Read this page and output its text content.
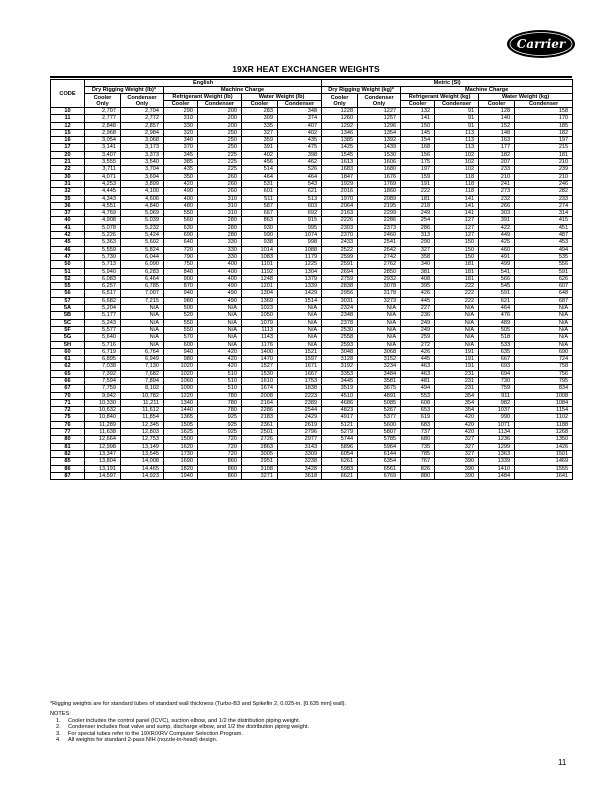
Carrier
19XR HEAT EXCHANGER WEIGHTS
CODE	English						Metric (SI)					
	Dry Rigging Weight (lb)*		Machine Charge				Dry Rigging Weight (kg)*		Machine Charge			
	Cooler Only	Condenser Only	Refrigerant Weight (lb)		Water Weight (lb)		Cooler Only	Condenser Only	Refrigerant Weight (kg)		Water Weight (kg)	
			Cooler	Condenser	Cooler	Condenser			Cooler	Condenser	Cooler	Condenser
10	2,707	2,704	290	200	283	348	1228	1227	132	91	128	158
11	2,777	2,772	310	200	309	374	1260	1257	141	91	140	170
12	2,848	2,857	330	200	335	407	1292	1296	150	91	152	185
15	2,968	2,984	320	250	327	402	1346	1354	145	113	148	182
16	3,054	3,068	340	250	359	435	1385	1392	154	113	163	197
17	3,141	3,173	370	250	391	475	1425	1439	168	113	177	215
20	3,407	3,373	345	225	402	398	1545	1530	156	102	182	181
21	3,555	3,540	385	225	456	462	1613	1606	175	102	207	210
22	3,711	3,704	435	225	514	526	1683	1680	197	102	233	239
30	4,071	3,694	350	260	464	464	1847	1676	159	118	210	210
31	4,253	3,899	420	260	531	543	1929	1769	191	118	241	246
32	4,445	4,100	490	260	601	621	2016	1860	222	118	273	282
35	4,343	4,606	400	310	511	513	1970	2089	181	141	232	233
36	4,551	4,840	480	310	587	603	2064	2195	218	141	266	274
37	4,769	5,069	550	310	667	692	2163	2299	249	141	303	314
40	4,908	5,039	560	280	863	915	2226	2286	254	127	391	415
41	5,078	5,232	630	280	930	995	2303	2373	286	127	422	451
42	5,226	5,424	690	280	990	1074	2370	2460	313	127	449	487
45	5,363	5,602	640	330	938	998	2433	2541	290	150	425	453
46	5,559	5,824	720	330	1014	1088	2522	2642	327	150	460	494
47	5,730	6,044	790	330	1083	1179	2599	2742	358	150	491	535
50	5,713	6,090	750	400	1101	1225	2591	2762	340	181	499	556
51	5,940	6,283	840	400	1192	1304	2694	2850	381	181	541	591
52	6,083	6,464	900	400	1248	1379	2759	2932	408	181	566	626
55	6,257	6,785	870	490	1201	1339	2838	3078	395	222	545	607
56	6,517	7,007	940	490	1304	1429	2956	3178	426	222	591	648
57	6,682	7,215	980	490	1369	1514	3031	3273	445	222	621	687
5A	5,204	N/A	500	N/A	1023	N/A	2324	N/A	227	N/A	464	N/A
5B	5,177	N/A	520	N/A	1050	N/A	2348	N/A	236	N/A	476	N/A
5C	5,243	N/A	550	N/A	1079	N/A	2378	N/A	249	N/A	489	N/A
5F	5,577	N/A	550	N/A	1113	N/A	2530	N/A	249	N/A	505	N/A
5G	5,640	N/A	570	N/A	1143	N/A	2558	N/A	259	N/A	518	N/A
5H	5,716	N/A	600	N/A	1176	N/A	2593	N/A	272	N/A	533	N/A
60	6,719	6,764	940	420	1400	1521	3048	3068	426	191	635	690
61	6,895	6,949	980	420	1470	1597	3128	3152	445	191	667	724
62	7,038	7,130	1020	420	1527	1671	3192	3234	463	191	693	758
65	7,392	7,682	1020	510	1530	1667	3353	3484	463	231	694	756
66	7,594	7,894	1060	510	1610	1753	3445	3581	481	231	730	795
67	7,759	8,102	1090	510	1674	1838	3519	3675	494	231	759	834
70	9,942	10,782	1220	780	2008	2223	4510	4891	553	354	911	1008
71	10,330	11,211	1340	780	2164	2389	4686	5085	608	354	982	1084
72	10,632	11,612	1440	780	2286	2544	4823	5267	653	354	1037	1154
75	10,840	11,854	1365	925	2183	2429	4917	5377	619	420	990	1102
76	11,289	12,345	1505	925	2361	2619	5121	5600	683	420	1071	1188
77	11,638	12,803	1625	925	2501	2796	5279	5807	737	420	1134	1268
80	12,664	12,753	1500	720	2726	2977	5744	5785	680	327	1236	1350
81	12,998	13,149	1620	720	2863	3143	5896	5964	735	327	1299	1426
82	13,347	13,545	1730	720	3005	3309	6054	6144	785	327	1363	1501
85	13,804	14,008	1690	860	2951	3238	6261	6354	767	390	1339	1469
86	13,191	14,465	1820	860	3108	3428	5983	6561	826	390	1410	1555
87	14,597	14,923	1940	860	3271	3618	6621	6769	880	390	1484	1641
*Rigging weights are for standard tubes of standard wall thickness (Turbo-B3 and Spikefin 2, 0.025-in. [0.635 mm] wall).
NOTES:
1.	Cooler includes the control panel (ICVC), suction elbow, and 1/2 the distribution piping weight.
2.	Condenser includes float valve and sump, discharge elbow, and 1/2 the distribution piping weight.
3.	For special tubes refer to the 19XR/XRV Computer Selection Program.
4.	All weights for standard 2-pass NIH (nozzle-in-head) design.
11
